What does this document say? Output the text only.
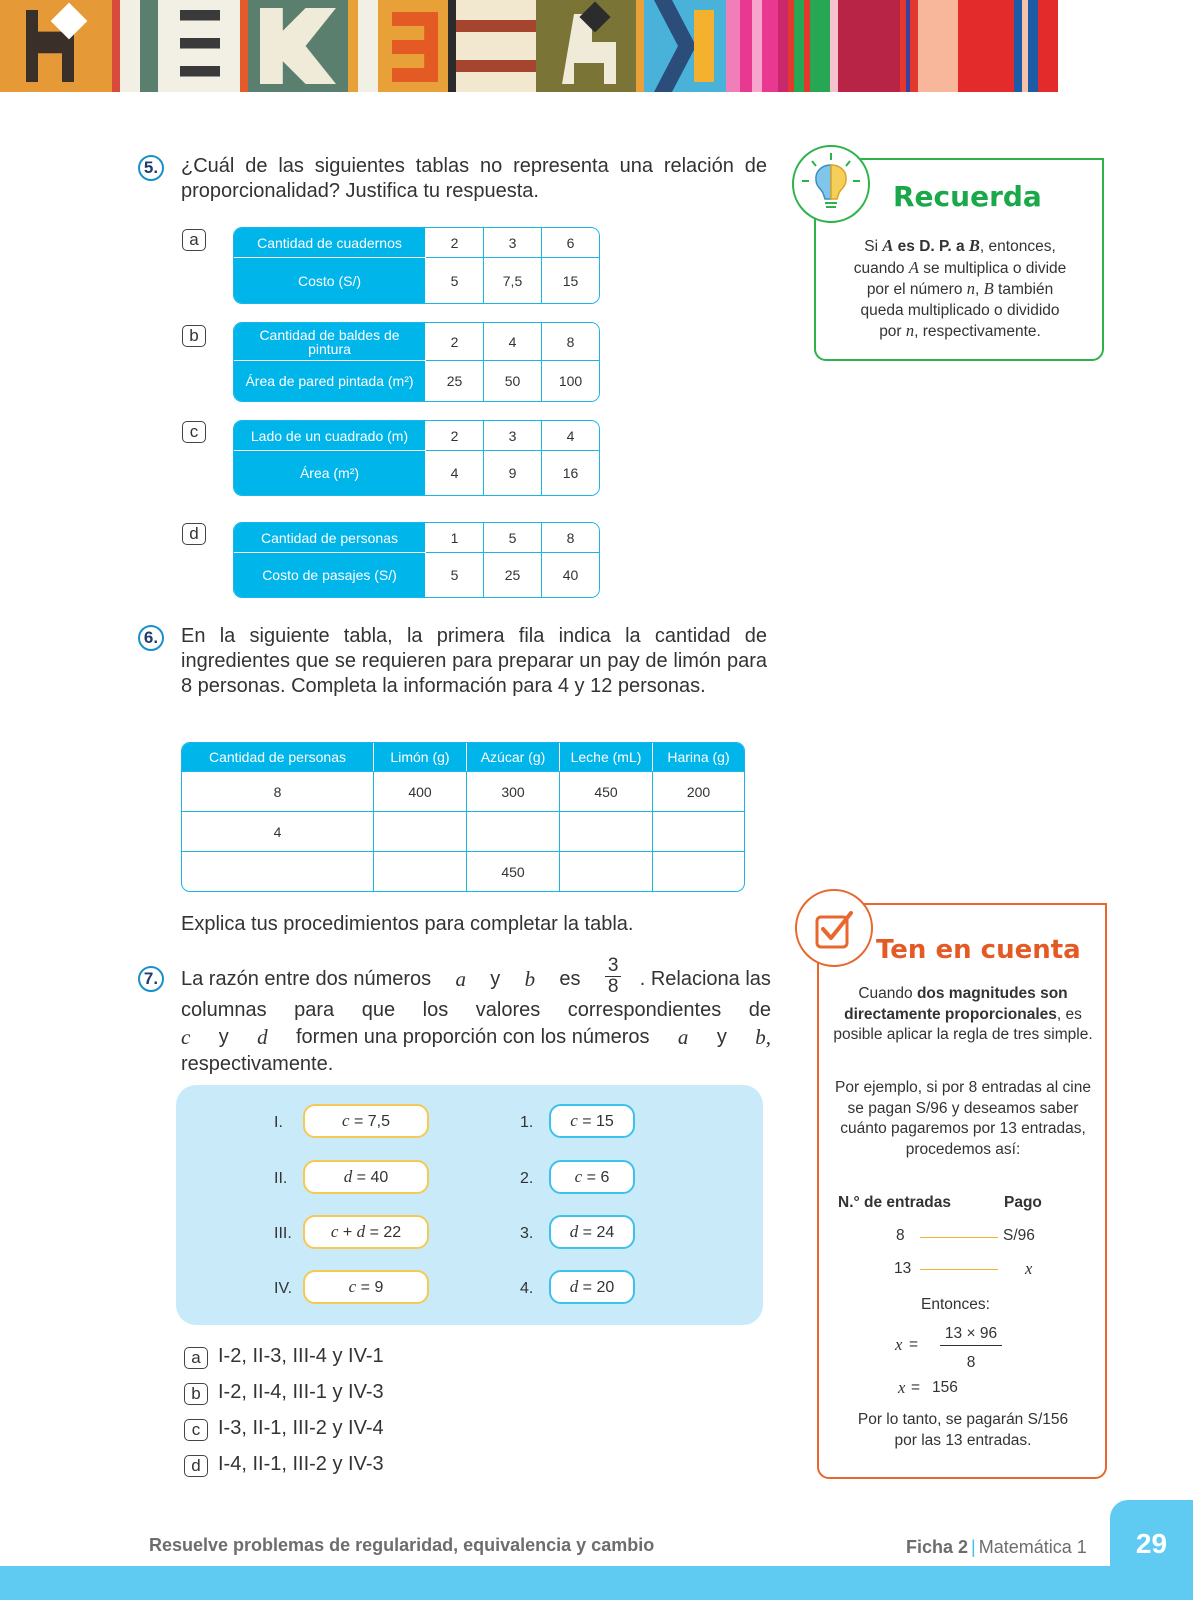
5. ¿Cuál de las siguientes tablas no representa una relación de proporcionalidad? Justifica tu respuesta.
a	Cantidad de cuadernos	2	3	6
Costo (S/)	5	7,5	15
b	Cantidad de baldes de pintura	2	4	8
Área de pared pintada (m²)	25	50	100
c	Lado de un cuadrado (m)	2	3	4
Área (m²)	4	9	16
d	Cantidad de personas	1	5	8
Costo de pasajes (S/)	5	25	40
6. En la siguiente tabla, la primera fila indica la cantidad de ingredientes que se requieren para preparar un pay de limón para 8 personas. Completa la información para 4 y 12 personas.
Cantidad de personas	Limón (g)	Azúcar (g)	Leche (mL)	Harina (g)
8	400	300	450	200
4				
		450		
Explica tus procedimientos para completar la tabla.
7. La razón entre dos números a y b es
3
8 . Relaciona las
columnas para que los valores correspondientes de
c y d formen una proporción con los números a y b,
respectivamente.
I.	c = 7,5
II.	d = 40
III.	c + d = 22
IV.	c = 9
1.	c = 15
2.	c = 6
3.	d = 24
4.	d = 20
a I-2, II-3, III-4 y IV-1
b I-2, II-4, III-1 y IV-3
c I-3, II-1, III-2 y IV-4
d I-4, II-1, III-2 y IV-3
Recuerda
Si A es D. P. a B, entonces,
cuando A se multiplica o divide
por el número n, B también
queda multiplicado o dividido
por n, respectivamente.
Ten en cuenta
Cuando dos magnitudes son directamente proporcionales, es posible aplicar la regla de tres simple.
Por ejemplo, si por 8 entradas al cine se pagan S/96 y deseamos saber cuánto pagaremos por 13 entradas, procedemos así:
N.° de entradas	Pago
8	S/96
13	x
Entonces:
x =
13 × 96
8
x = 156
Por lo tanto, se pagarán S/156 por las 13 entradas.
29
Resuelve problemas de regularidad, equivalencia y cambio	Ficha 2 | Matemática 1
